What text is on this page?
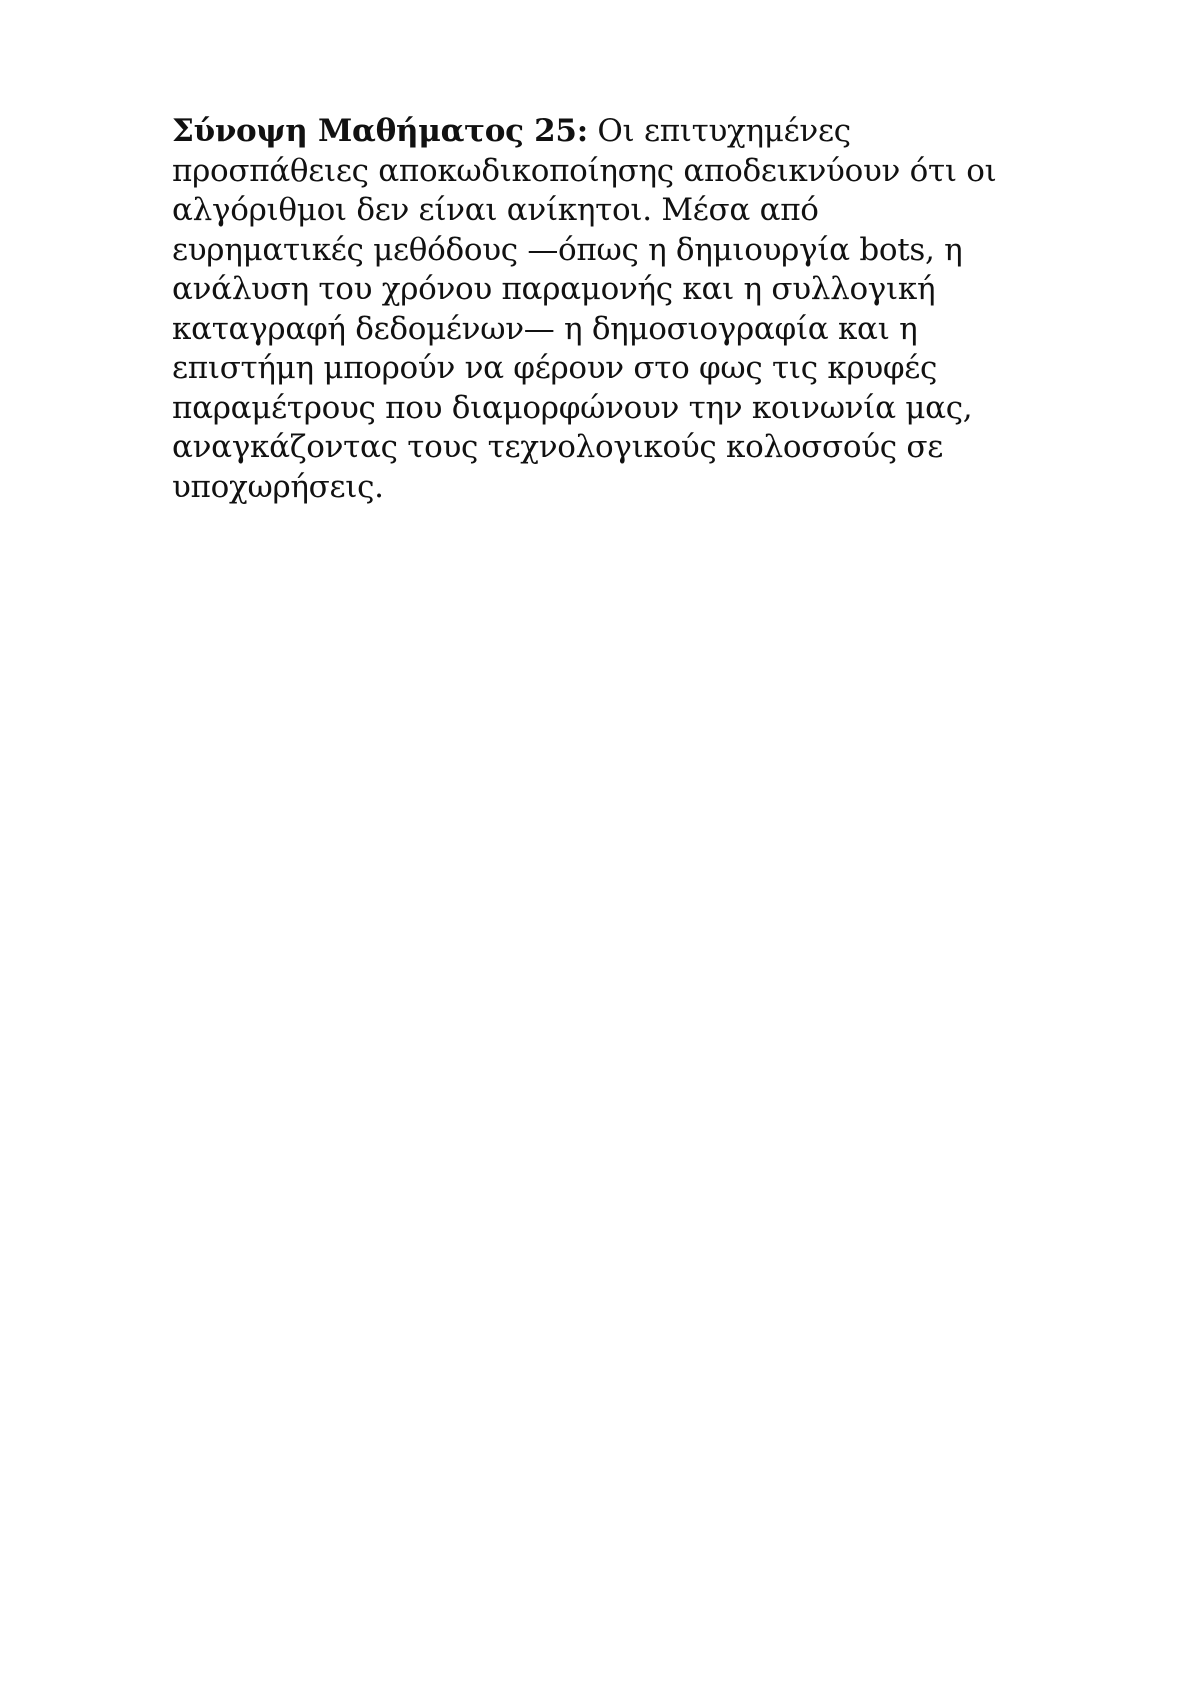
Σύνοψη Μαθήματος 25: Οι επιτυχημένες
προσπάθειες αποκωδικοποίησης αποδεικνύουν ότι οι
αλγόριθμοι δεν είναι ανίκητοι. Μέσα από
ευρηματικές μεθόδους —όπως η δημιουργία bots, η
ανάλυση του χρόνου παραμονής και η συλλογική
καταγραφή δεδομένων— η δημοσιογραφία και η
επιστήμη μπορούν να φέρουν στο φως τις κρυφές
παραμέτρους που διαμορφώνουν την κοινωνία μας,
αναγκάζοντας τους τεχνολογικούς κολοσσούς σε
υποχωρήσεις.
